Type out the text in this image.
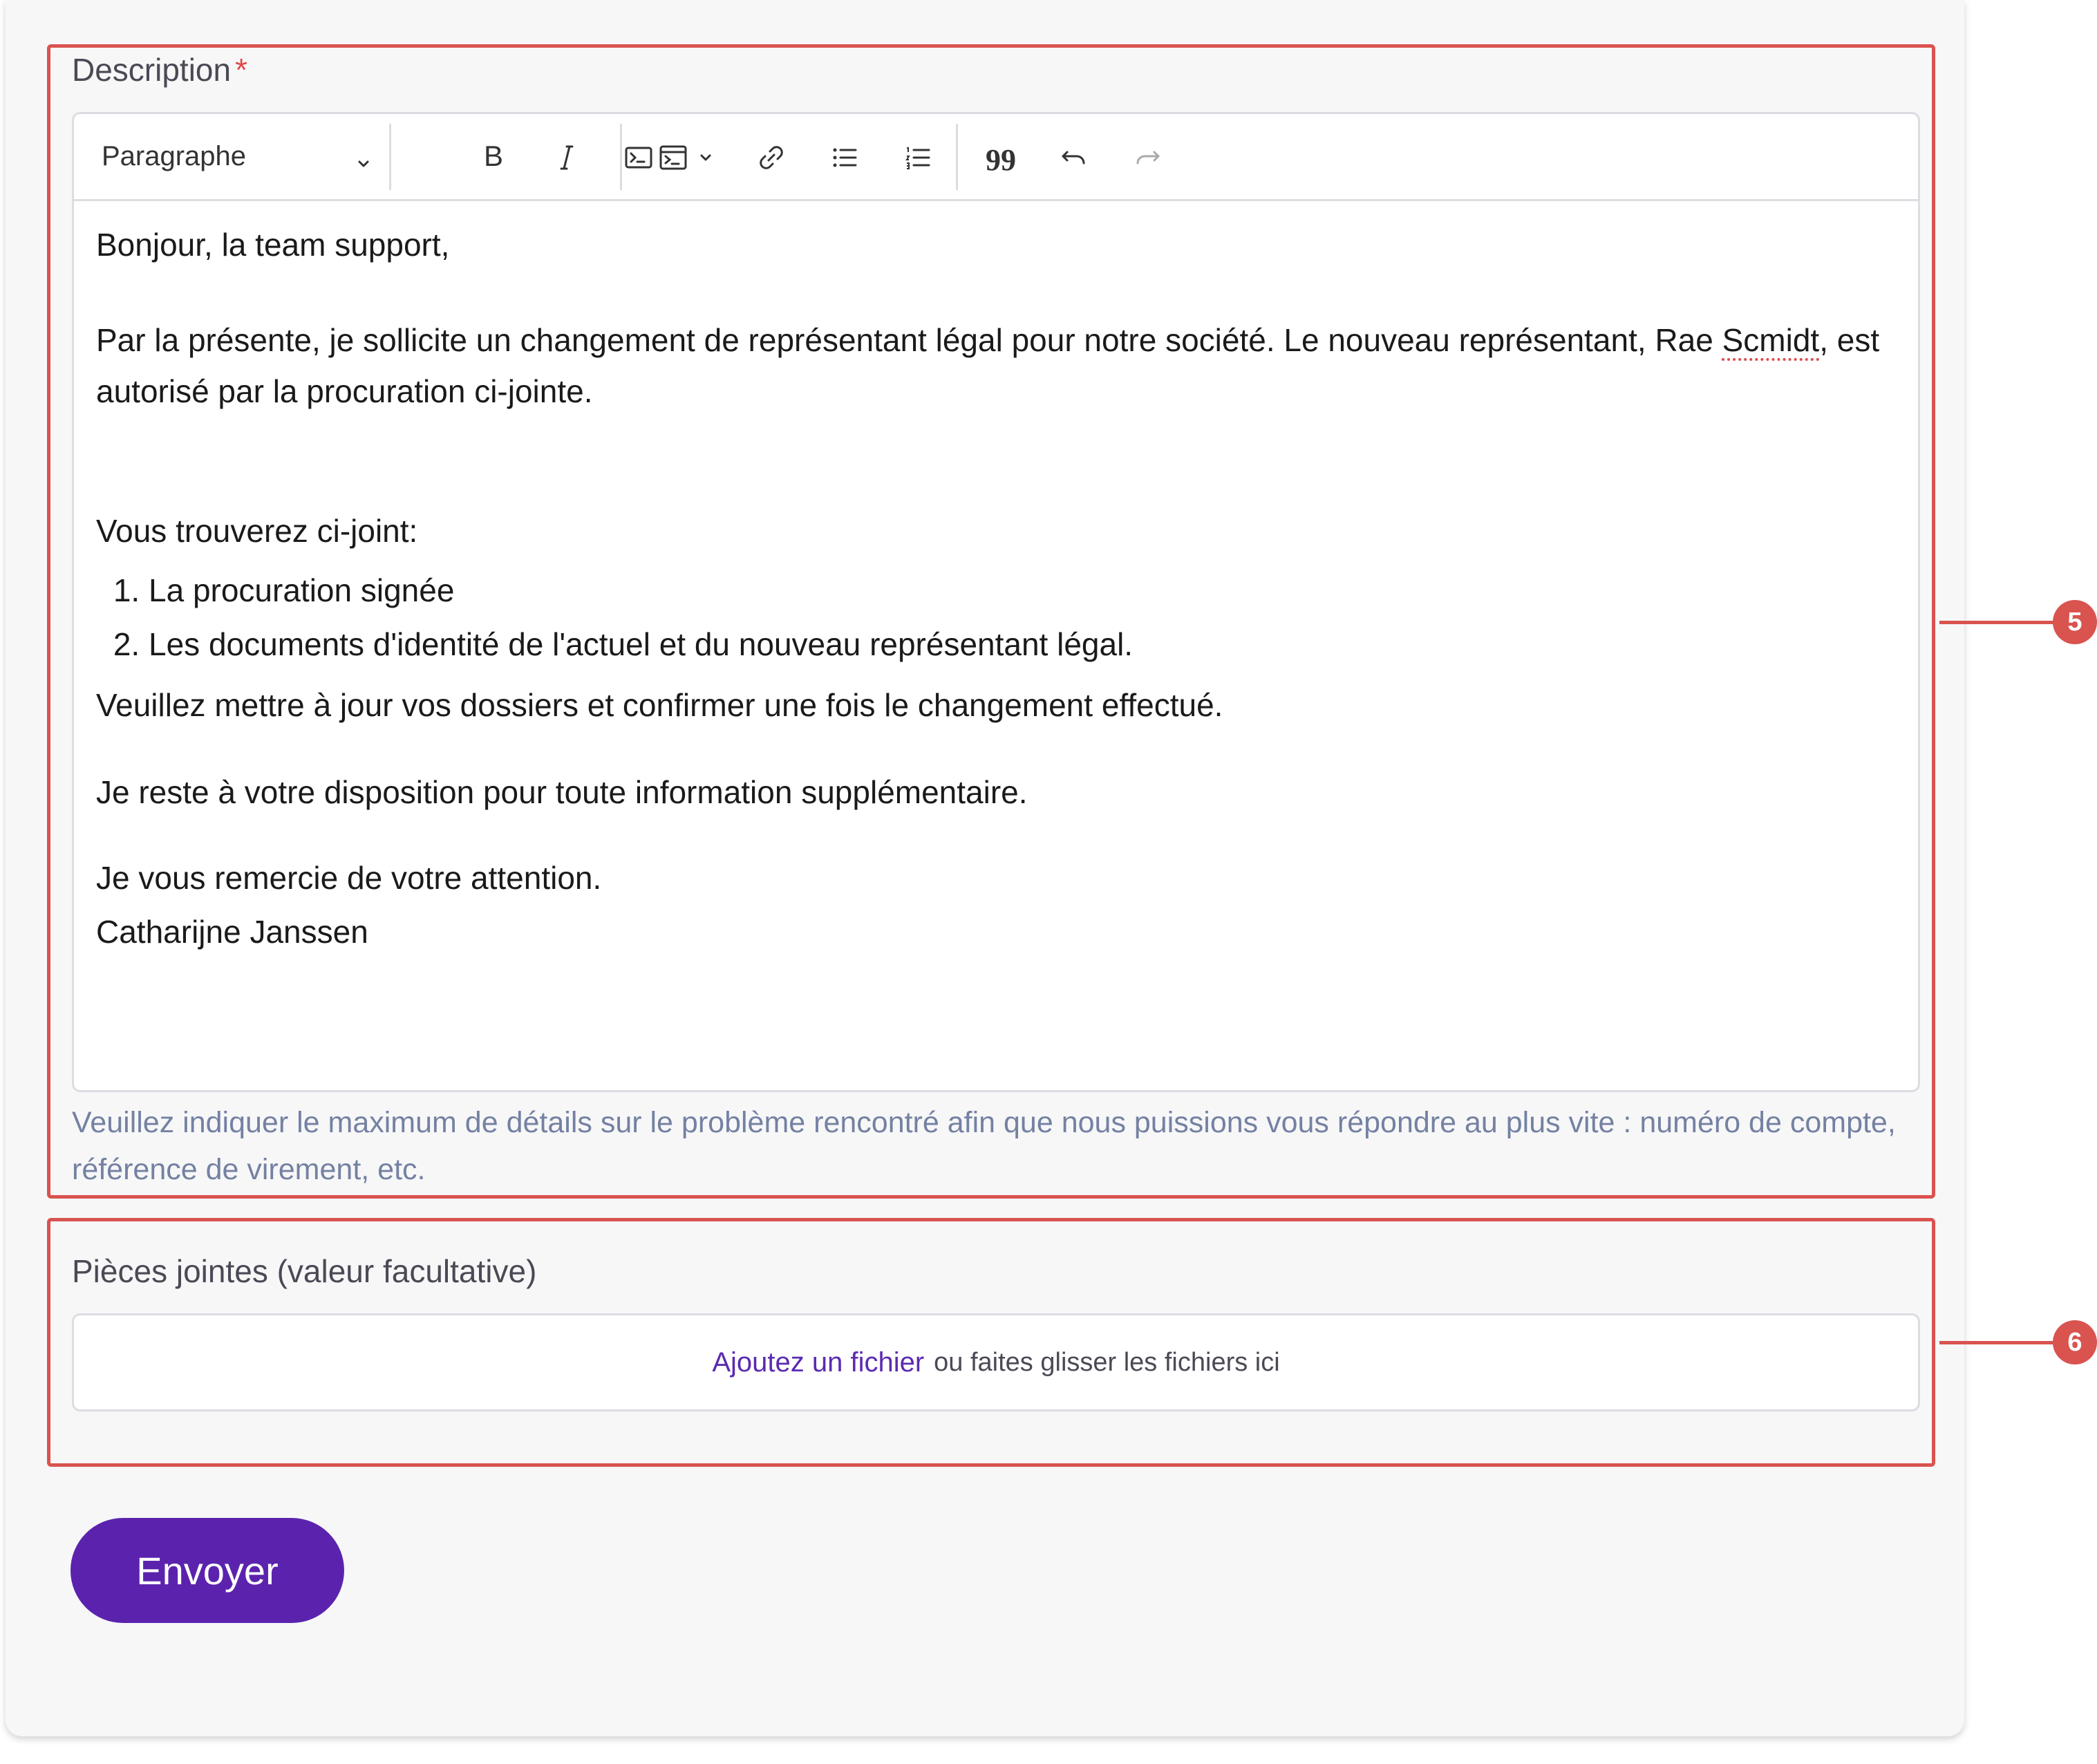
Description *
Paragraphe	B	99

Bonjour, la team support,

Par la présente, je sollicite un changement de représentant légal pour notre société. Le nouveau représentant, Rae Scmidt, est autorisé par la procuration ci-jointe.

Vous trouverez ci-joint:

1. La procuration signée
2. Les documents d'identité de l'actuel et du nouveau représentant légal.

Veuillez mettre à jour vos dossiers et confirmer une fois le changement effectué.

Je reste à votre disposition pour toute information supplémentaire.

Je vous remercie de votre attention.

Catharijne Janssen

Veuillez indiquer le maximum de détails sur le problème rencontré afin que nous puissions vous répondre au plus vite : numéro de compte, référence de virement, etc.
Pièces jointes (valeur facultative)
Ajoutez un fichier ou faites glisser les fichiers ici
Envoyer
5
6
